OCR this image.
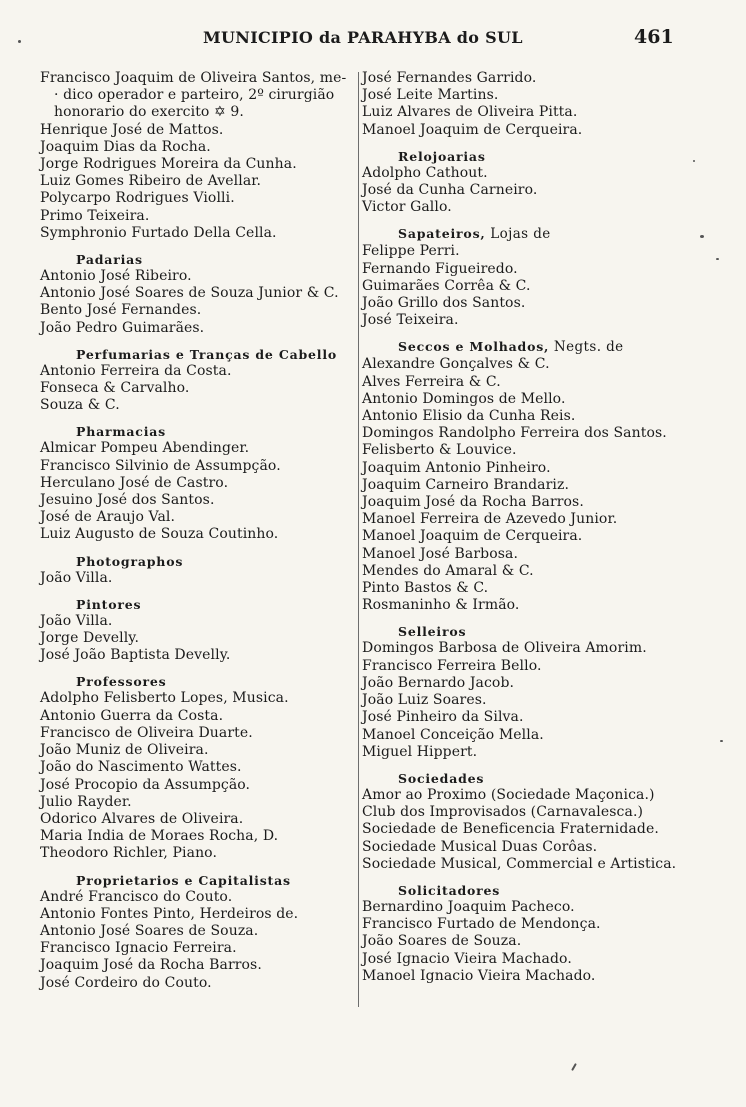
MUNICIPIO da PARAHYBA do SUL	461
Francisco Joaquim de Oliveira Santos, me-
· dico operador e parteiro, 2º cirurgião
honorario do exercito ✡ 9.
Henrique José de Mattos.
Joaquim Dias da Rocha.
Jorge Rodrigues Moreira da Cunha.
Luiz Gomes Ribeiro de Avellar.
Polycarpo Rodrigues Violli.
Primo Teixeira.
Symphronio Furtado Della Cella.
Padarias
Antonio José Ribeiro.
Antonio José Soares de Souza Junior & C.
Bento José Fernandes.
João Pedro Guimarães.
Perfumarias e Tranças de Cabello
Antonio Ferreira da Costa.
Fonseca & Carvalho.
Souza & C.
Pharmacias
Almicar Pompeu Abendinger.
Francisco Silvinio de Assumpção.
Herculano José de Castro.
Jesuino José dos Santos.
José de Araujo Val.
Luiz Augusto de Souza Coutinho.
Photographos
João Villa.
Pintores
João Villa.
Jorge Develly.
José João Baptista Develly.
Professores
Adolpho Felisberto Lopes, Musica.
Antonio Guerra da Costa.
Francisco de Oliveira Duarte.
João Muniz de Oliveira.
João do Nascimento Wattes.
José Procopio da Assumpção.
Julio Rayder.
Odorico Alvares de Oliveira.
Maria India de Moraes Rocha, D.
Theodoro Richler, Piano.
Proprietarios e Capitalistas
André Francisco do Couto.
Antonio Fontes Pinto, Herdeiros de.
Antonio José Soares de Souza.
Francisco Ignacio Ferreira.
Joaquim José da Rocha Barros.
José Cordeiro do Couto.
José Fernandes Garrido.
José Leite Martins.
Luiz Alvares de Oliveira Pitta.
Manoel Joaquim de Cerqueira.
Relojoarias
Adolpho Cathout.
José da Cunha Carneiro.
Victor Gallo.
Sapateiros, Lojas de
Felippe Perri.
Fernando Figueiredo.
Guimarães Corrêa & C.
João Grillo dos Santos.
José Teixeira.
Seccos e Molhados, Negts. de
Alexandre Gonçalves & C.
Alves Ferreira & C.
Antonio Domingos de Mello.
Antonio Elisio da Cunha Reis.
Domingos Randolpho Ferreira dos Santos.
Felisberto & Louvice.
Joaquim Antonio Pinheiro.
Joaquim Carneiro Brandariz.
Joaquim José da Rocha Barros.
Manoel Ferreira de Azevedo Junior.
Manoel Joaquim de Cerqueira.
Manoel José Barbosa.
Mendes do Amaral & C.
Pinto Bastos & C.
Rosmaninho & Irmão.
Selleiros
Domingos Barbosa de Oliveira Amorim.
Francisco Ferreira Bello.
João Bernardo Jacob.
João Luiz Soares.
José Pinheiro da Silva.
Manoel Conceição Mella.
Miguel Hippert.
Sociedades
Amor ao Proximo (Sociedade Maçonica.)
Club dos Improvisados (Carnavalesca.)
Sociedade de Beneficencia Fraternidade.
Sociedade Musical Duas Corôas.
Sociedade Musical, Commercial e Artistica.
Solicitadores
Bernardino Joaquim Pacheco.
Francisco Furtado de Mendonça.
João Soares de Souza.
José Ignacio Vieira Machado.
Manoel Ignacio Vieira Machado.
